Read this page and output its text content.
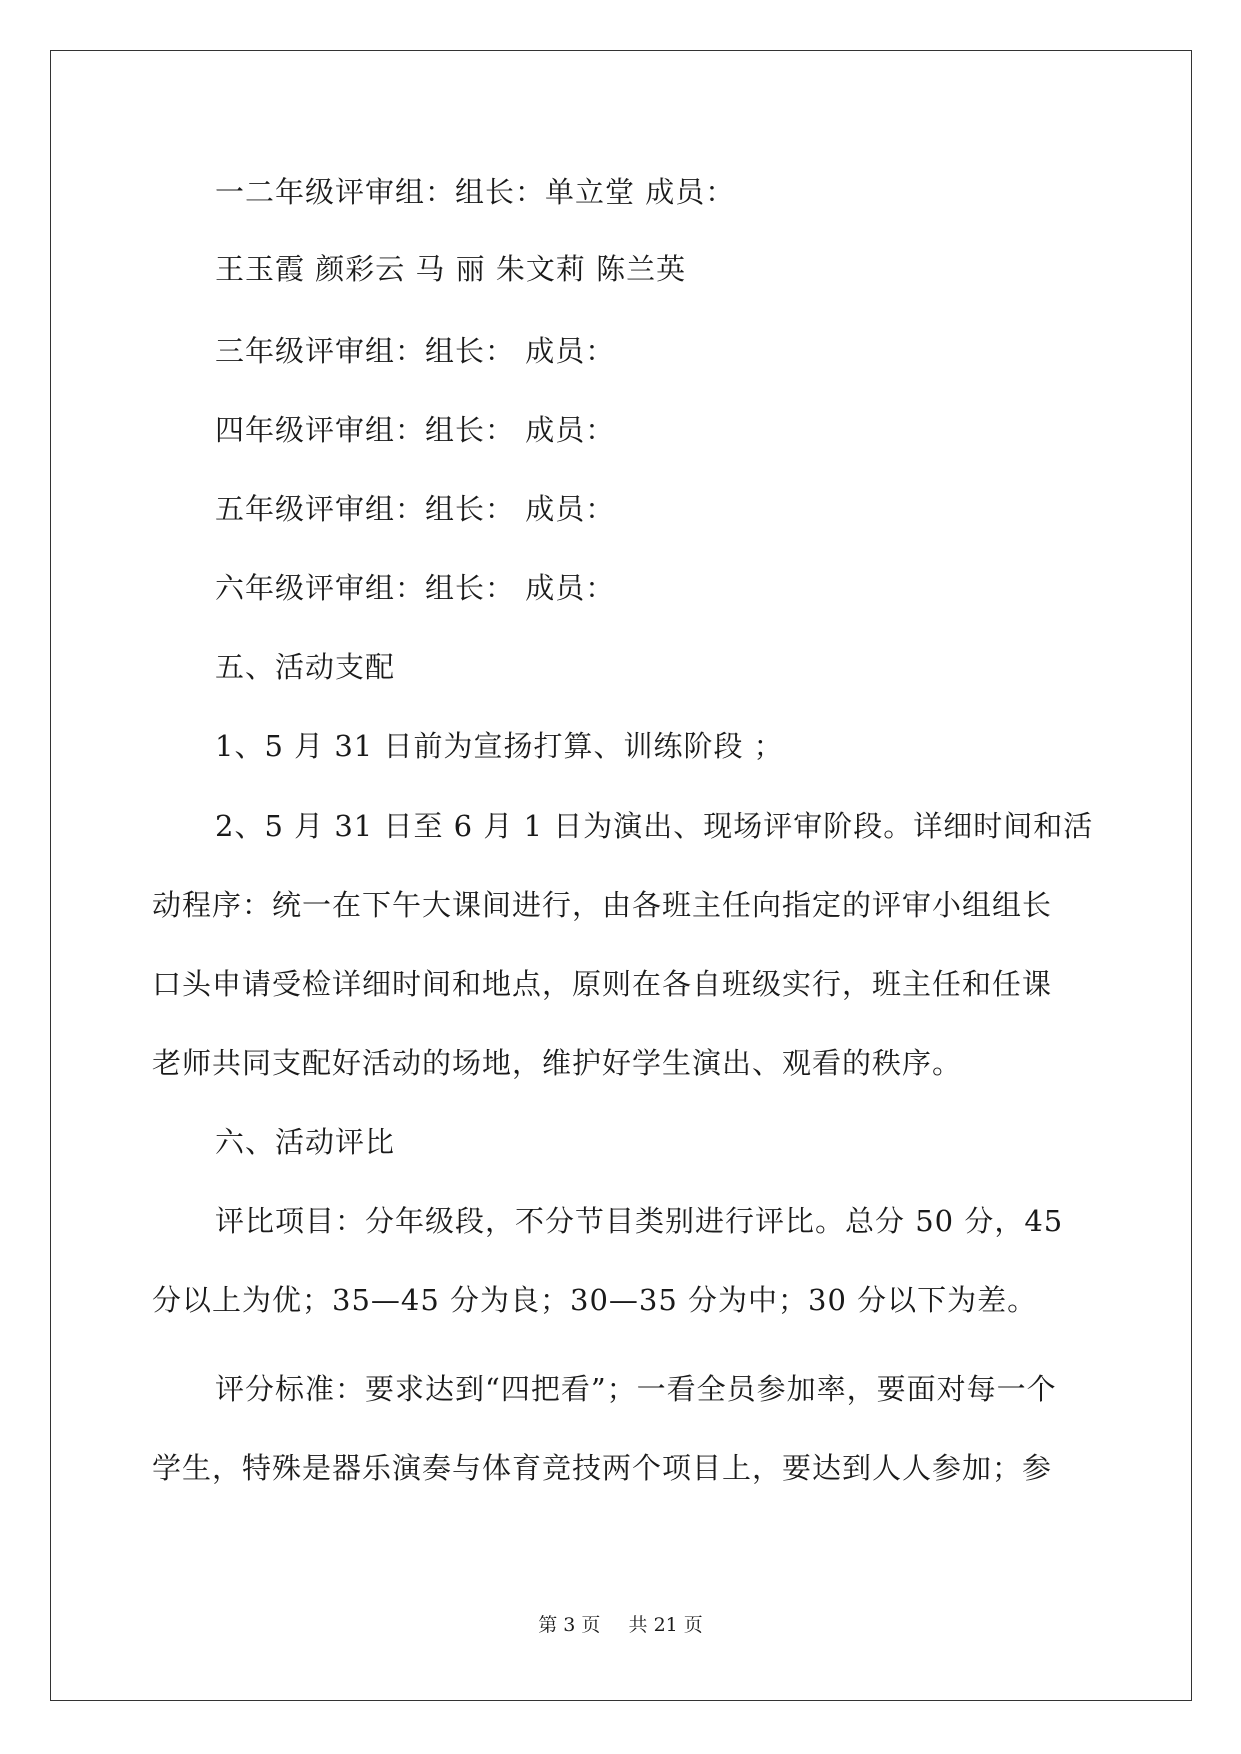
一二年级评审组：组长：单立堂 成员：
王玉霞 颜彩云 马 丽 朱文莉 陈兰英
三年级评审组：组长： 成员：
四年级评审组：组长： 成员：
五年级评审组：组长： 成员：
六年级评审组：组长： 成员：
五、活动支配
1、5 月 31 日前为宣扬打算、训练阶段 ；
2、5 月 31 日至 6 月 1 日为演出、现场评审阶段。详细时间和活
动程序：统一在下午大课间进行，由各班主任向指定的评审小组组长
口头申请受检详细时间和地点，原则在各自班级实行，班主任和任课
老师共同支配好活动的场地，维护好学生演出、观看的秩序。
六、活动评比
评比项目：分年级段，不分节目类别进行评比。总分 50 分，45
分以上为优；35—45 分为良；30—35 分为中；30 分以下为差。
评分标准：要求达到“四把看”；一看全员参加率，要面对每一个
学生，特殊是器乐演奏与体育竞技两个项目上，要达到人人参加；参
第 3 页 共 21 页
